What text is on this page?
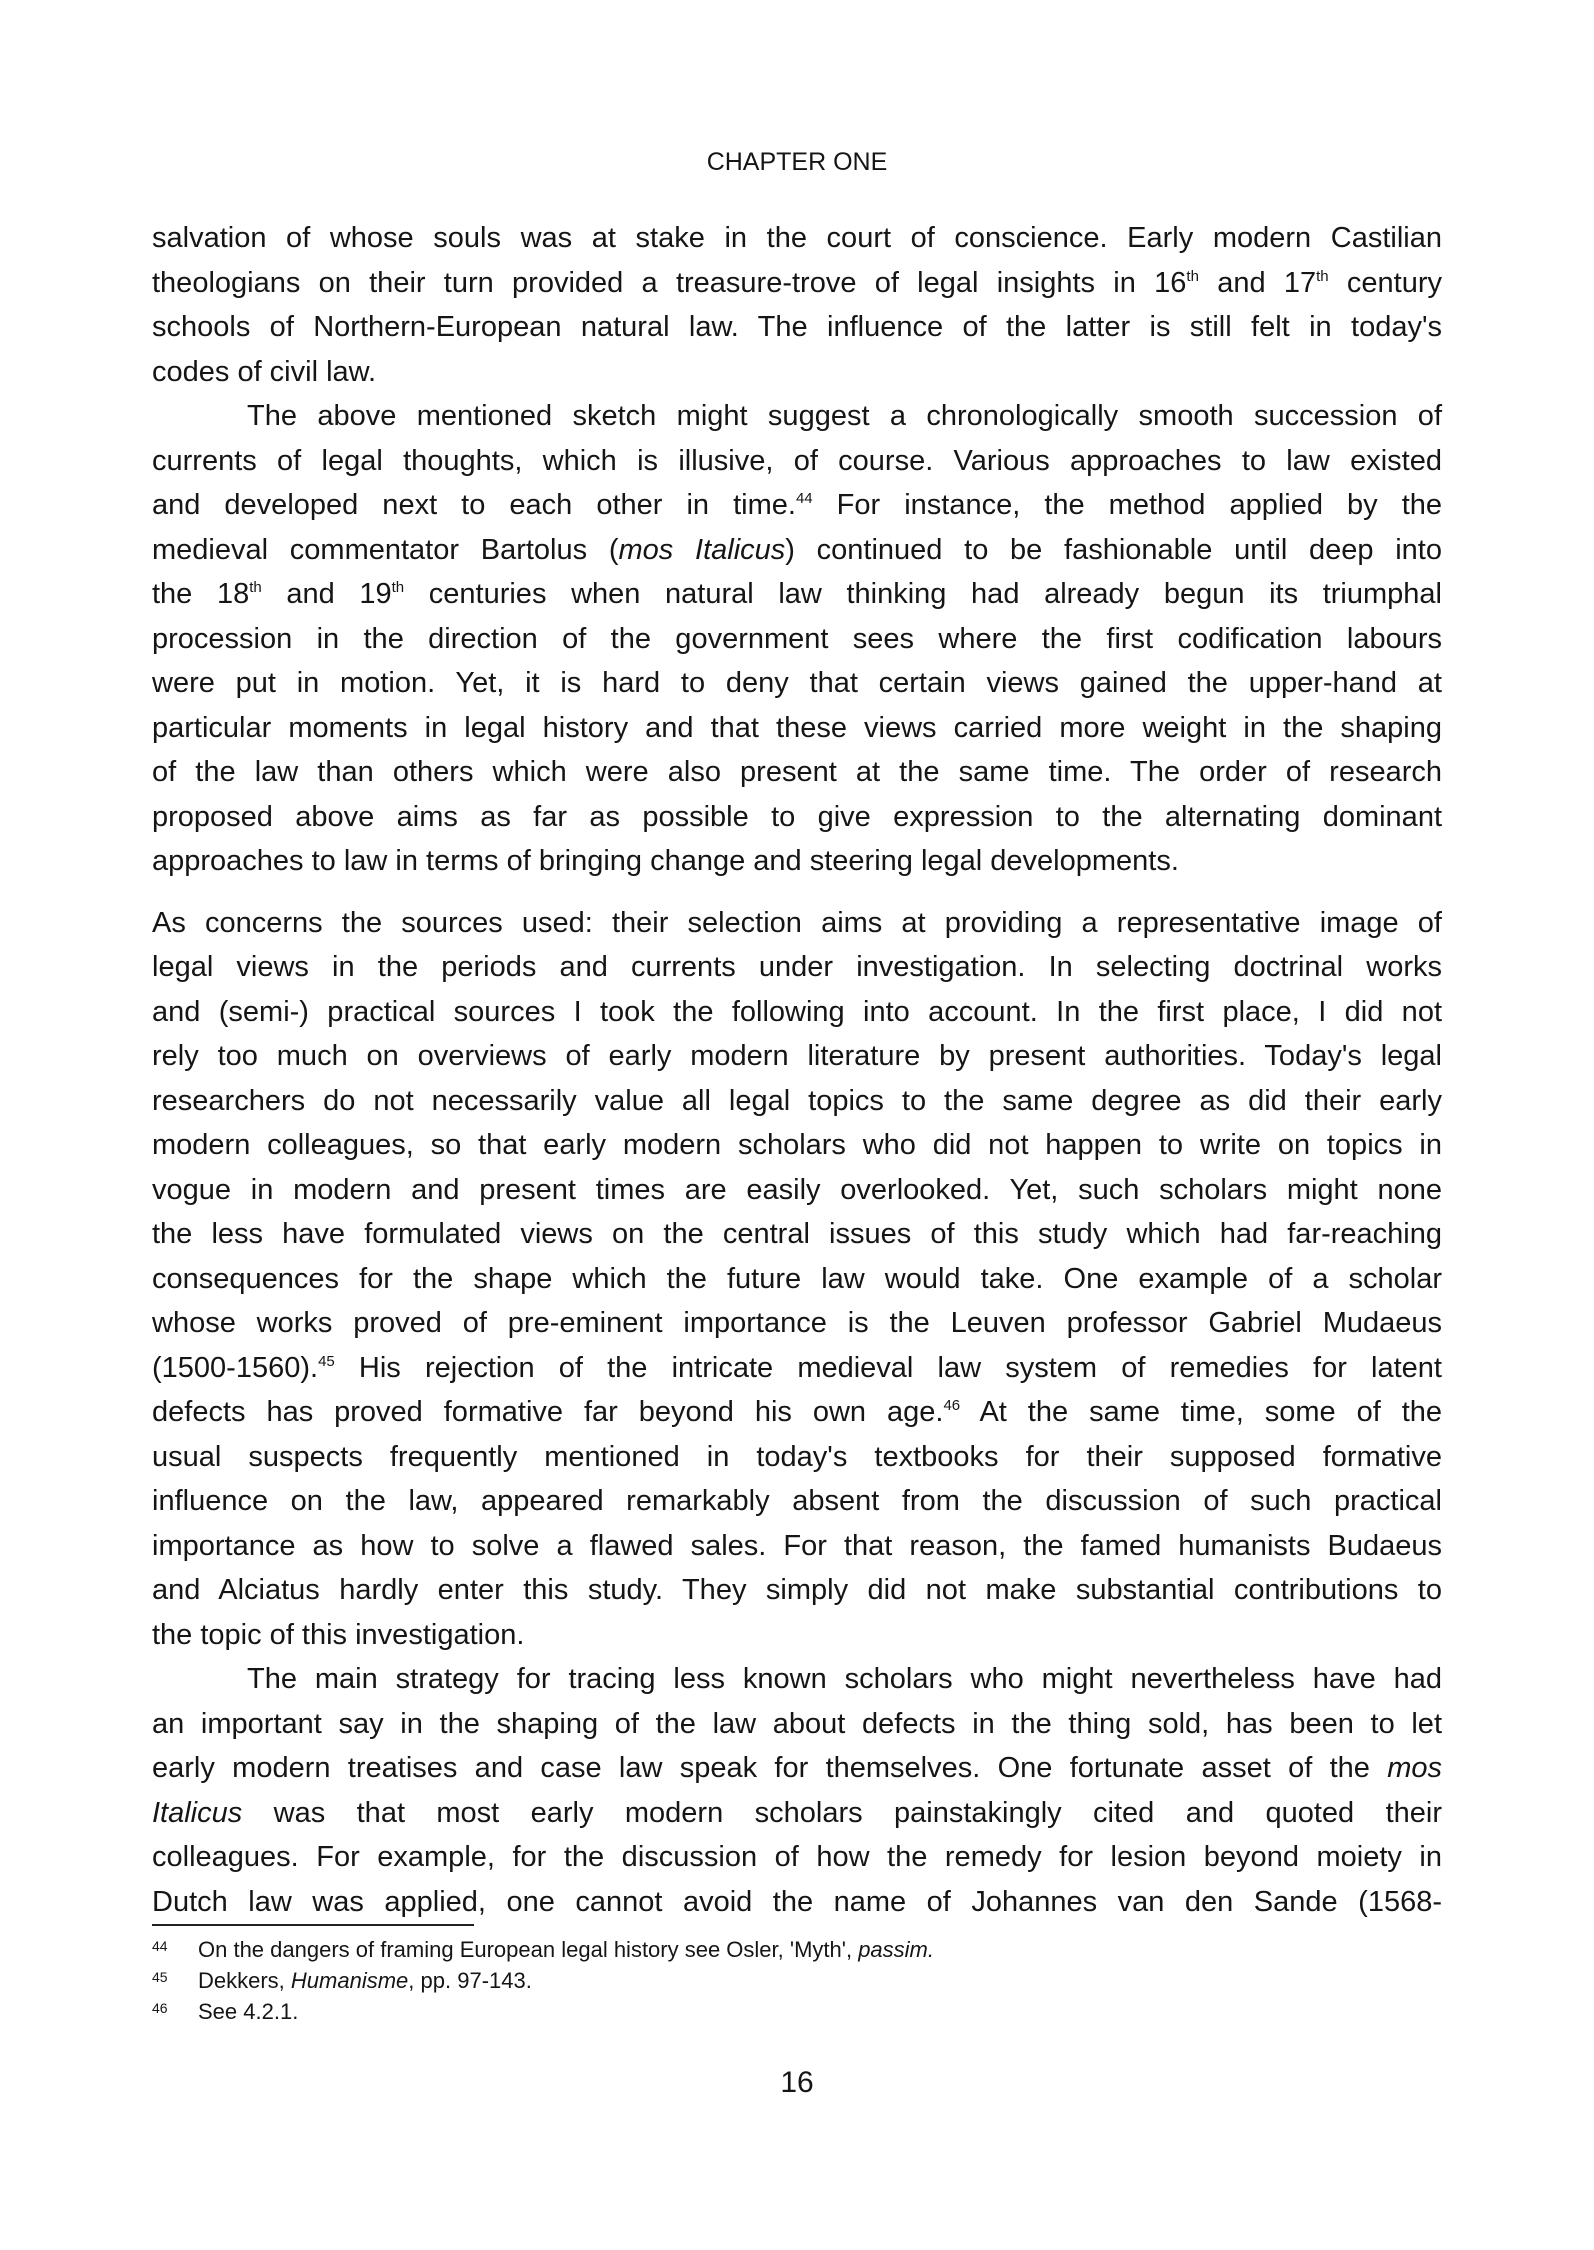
CHAPTER ONE
salvation of whose souls was at stake in the court of conscience. Early modern Castilian
theologians on their turn provided a treasure-trove of legal insights in 16th and 17th century
schools of Northern-European natural law. The influence of the latter is still felt in today's
codes of civil law.
The above mentioned sketch might suggest a chronologically smooth succession of
currents of legal thoughts, which is illusive, of course. Various approaches to law existed
and developed next to each other in time.$^{44}$ For instance, the method applied by the
medieval commentator Bartolus (mos Italicus) continued to be fashionable until deep into
the 18th and 19th centuries when natural law thinking had already begun its triumphal
procession in the direction of the government sees where the first codification labours
were put in motion. Yet, it is hard to deny that certain views gained the upper-hand at
particular moments in legal history and that these views carried more weight in the shaping
of the law than others which were also present at the same time. The order of research
proposed above aims as far as possible to give expression to the alternating dominant
approaches to law in terms of bringing change and steering legal developments.
As concerns the sources used: their selection aims at providing a representative image of
legal views in the periods and currents under investigation. In selecting doctrinal works
and (semi-) practical sources I took the following into account. In the first place, I did not
rely too much on overviews of early modern literature by present authorities. Today's legal
researchers do not necessarily value all legal topics to the same degree as did their early
modern colleagues, so that early modern scholars who did not happen to write on topics in
vogue in modern and present times are easily overlooked. Yet, such scholars might none
the less have formulated views on the central issues of this study which had far-reaching
consequences for the shape which the future law would take. One example of a scholar
whose works proved of pre-eminent importance is the Leuven professor Gabriel Mudaeus
(1500-1560).$^{45}$ His rejection of the intricate medieval law system of remedies for latent
defects has proved formative far beyond his own age.$^{46}$ At the same time, some of the
usual suspects frequently mentioned in today's textbooks for their supposed formative
influence on the law, appeared remarkably absent from the discussion of such practical
importance as how to solve a flawed sales. For that reason, the famed humanists Budaeus
and Alciatus hardly enter this study. They simply did not make substantial contributions to
the topic of this investigation.
The main strategy for tracing less known scholars who might nevertheless have had
an important say in the shaping of the law about defects in the thing sold, has been to let
early modern treatises and case law speak for themselves. One fortunate asset of the mos
Italicus was that most early modern scholars painstakingly cited and quoted their
colleagues. For example, for the discussion of how the remedy for lesion beyond moiety in
Dutch law was applied, one cannot avoid the name of Johannes van den Sande (1568-
44 On the dangers of framing European legal history see Osler, 'Myth', passim.
45 Dekkers, Humanisme, pp. 97-143.
46 See 4.2.1.
16
